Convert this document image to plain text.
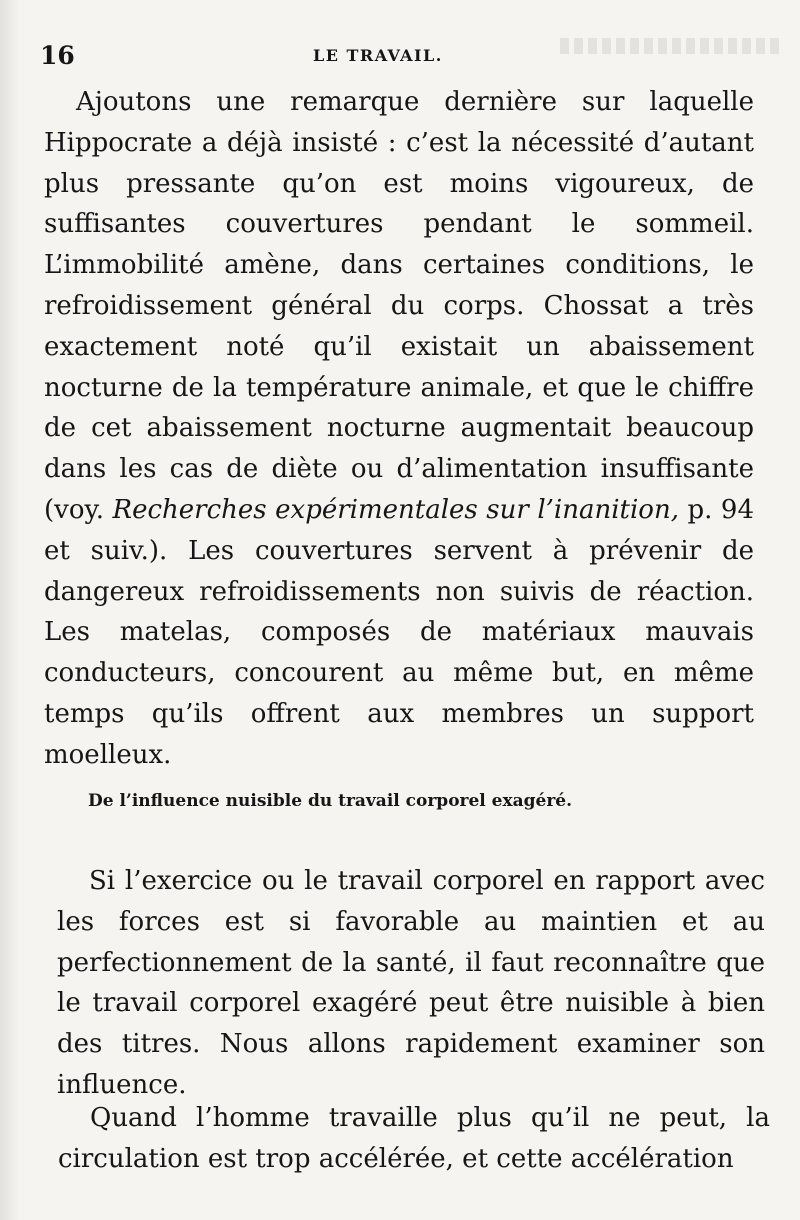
16	LE TRAVAIL.

Ajoutons une remarque dernière sur laquelle Hippocrate a déjà insisté : c’est la nécessité d’autant plus pressante qu’on est moins vigoureux, de suffisantes couvertures pendant le sommeil. L’immobilité amène, dans certaines conditions, le refroidissement général du corps. Chossat a très exactement noté qu’il existait un abaissement nocturne de la température animale, et que le chiffre de cet abaissement nocturne augmentait beaucoup dans les cas de diète ou d’alimentation insuffisante (voy. Recherches expérimentales sur l’inanition, p. 94 et suiv.). Les couvertures servent à prévenir de dangereux refroidissements non suivis de réaction. Les matelas, composés de matériaux mauvais conducteurs, concourent au même but, en même temps qu’ils offrent aux membres un support moelleux.

De l’influence nuisible du travail corporel exagéré.

Si l’exercice ou le travail corporel en rapport avec les forces est si favorable au maintien et au perfectionnement de la santé, il faut reconnaître que le travail corporel exagéré peut être nuisible à bien des titres. Nous allons rapidement examiner son influence.

Quand l’homme travaille plus qu’il ne peut, la circulation est trop accélérée, et cette accélération
